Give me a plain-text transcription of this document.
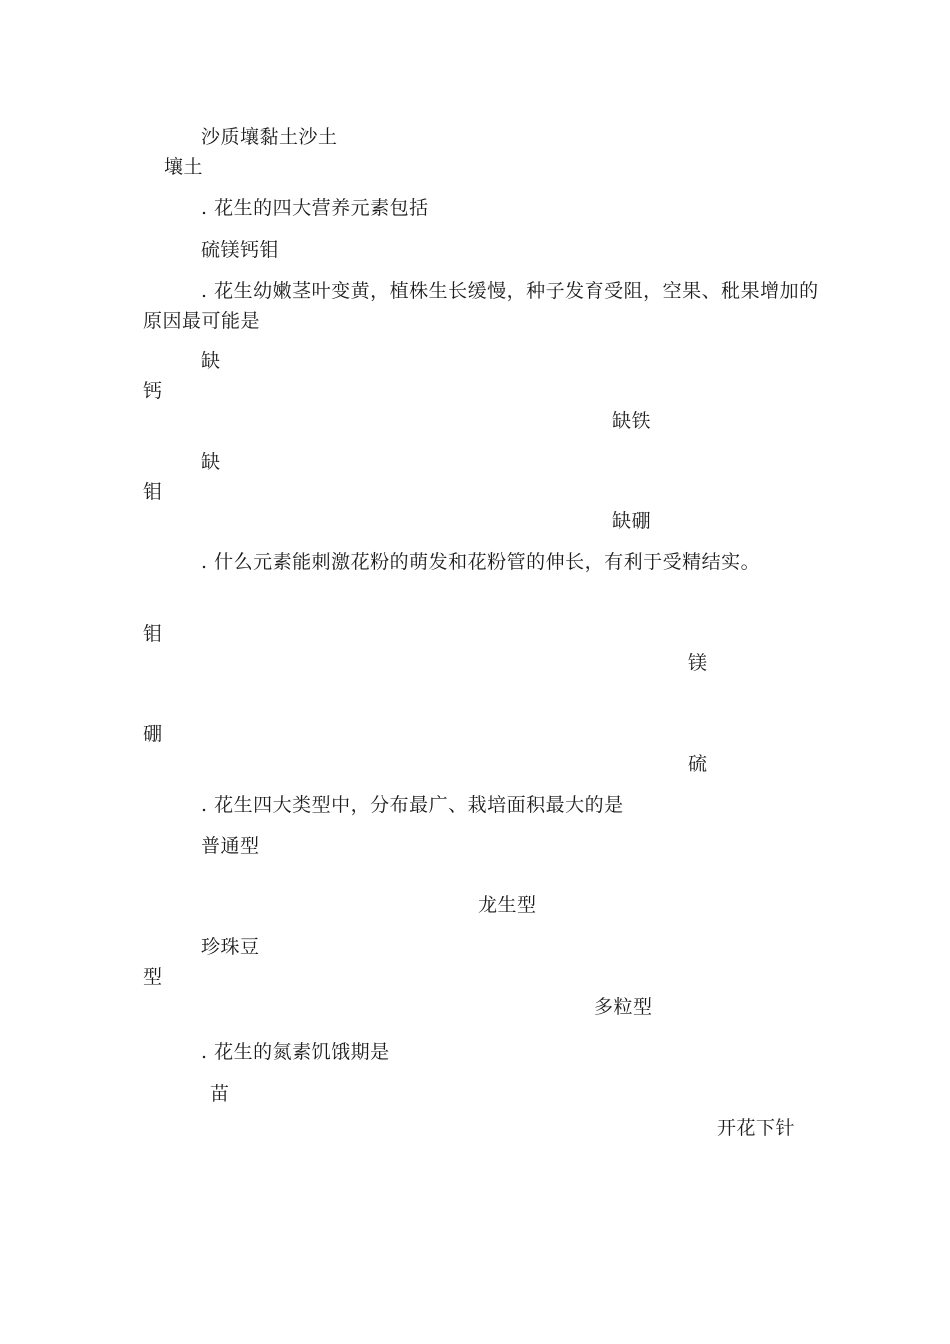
沙质壤黏土沙土
壤土
. 花生的四大营养元素包括
硫镁钙钼
. 花生幼嫩茎叶变黄，植株生长缓慢，种子发育受阻，空果、秕果增加的
原因最可能是
缺
钙
缺铁
缺
钼
缺硼
. 什么元素能刺激花粉的萌发和花粉管的伸长，有利于受精结实。
钼
镁
硼
硫
. 花生四大类型中，分布最广、栽培面积最大的是
普通型
龙生型
珍珠豆
型
多粒型
. 花生的氮素饥饿期是
苗
开花下针
